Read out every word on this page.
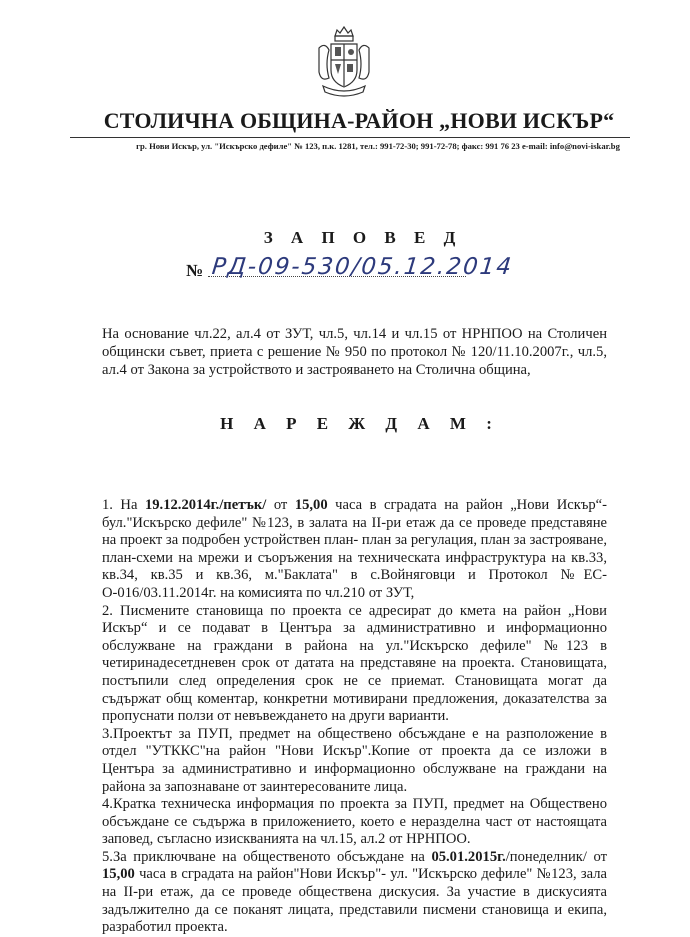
СТОЛИЧНА ОБЩИНА-РАЙОН „НОВИ ИСКЪР“
гр. Нови Искър, ул. "Искърско дефиле" № 123, п.к. 1281, тел.: 991-72-30; 991-72-78; факс: 991 76 23 e-mail: info@novi-iskar.bg
З А П О В Е Д
№ РД-09-530/05.12.2014
На основание чл.22, ал.4 от ЗУТ, чл.5, чл.14 и чл.15 от НРНПОО на Столичен общински съвет, приета с решение № 950 по протокол № 120/11.10.2007г., чл.5, ал.4 от Закона за устройството и застрояването на Столична община,
Н А Р Е Ж Д А М :
1. На 19.12.2014г./петък/ от 15,00 часа в сградата на район „Нови Искър“- бул."Искърско дефиле" №123, в залата на II-ри етаж да се проведе представяне на проект за подробен устройствен план- план за регулация, план за застрояване, план-схеми на мрежи и съоръжения на техническата инфраструктура на кв.33, кв.34, кв.35 и кв.36, м."Баклата" в с.Войняговци и Протокол №ЕС-О-016/03.11.2014г. на комисията по чл.210 от ЗУТ,
2. Писмените становища по проекта се адресират до кмета на район „Нови Искър“ и се подават в Центъра за административно и информационно обслужване на граждани в района на ул."Искърско дефиле" №123 в четиринадесетдневен срок от датата на представяне на проекта. Становищата, постъпили след определения срок не се приемат. Становищата могат да съдържат общ коментар, конкретни мотивирани предложения, доказателства за пропуснати ползи от невъвеждането на други варианти.
3.Проектът за ПУП, предмет на обществено обсъждане е на разположение в отдел "УТККС"на район "Нови Искър".Копие от проекта да се изложи в Центъра за административно и информационно обслужване на граждани на района за запознаване от заинтересованите лица.
4.Кратка техническа информация по проекта за ПУП, предмет на Обществено обсъждане се съдържа в приложението, което е неразделна част от настоящата заповед, съгласно изискванията на чл.15, ал.2 от НРНПОО.
5.За приключване на общественото обсъждане на 05.01.2015г./понеделник/ от 15,00 часа в сградата на район"Нови Искър"- ул. "Искърско дефиле" №123, зала на II-ри етаж, да се проведе обществена дискусия. За участие в дискусията задължително да се поканят лицата, представили писмени становища и екипа, разработил проекта.
